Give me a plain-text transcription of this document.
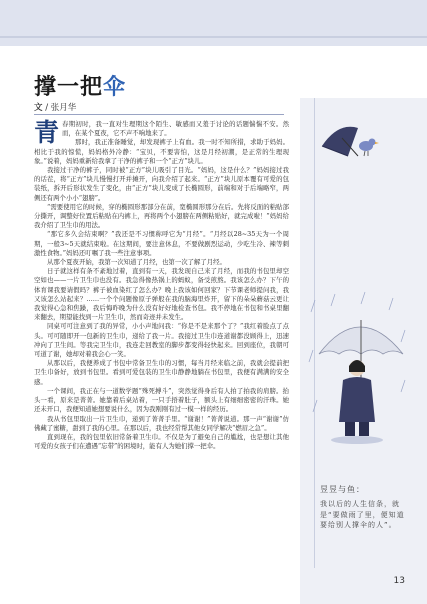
撑一把伞
文 / 张月华

青春期初时，我一直对生理期这个陌生、敏感而又羞于讨论的话题惴惴不安。然而，在某个夏夜，它不声不响地来了。

那时，我正准备睡觉，却发现裤子上有血。我一时不知所措，求助于妈妈。相比于我的惊慌，妈妈格外冷静：“宝贝，不要害怕，这是月经初潮，是正常的生理现象。”说着，妈妈重新给我拿了干净的裤子和一个“正方”块儿。

我接过干净的裤子，同时被“正方”块儿吸引了目光。“妈妈，这是什么？”妈妈接过我的话茬，将“正方”块儿慢慢打开并摊开，向我介绍了起来。“正方”块儿原本覆有可爱的包装纸，拆开后形状发生了变化，由“正方”块儿变成了长椭圆形，前端和对于后端略窄，两侧还有两个小小“翅膀”。

“需要使用它的时候，穿的椭圆形那部分在前，宽椭圆形那分在后。先将反面的粘贴部分撕开，调整好位置后粘贴在内裤上，再将两个小翅膀在两侧粘贴好，就完成啦！”妈妈给我介绍了卫生巾的用法。

“那它多久会结束啊？”我还是不习惯称呼它为“月经”。“月经以28~35天为一个周期，一般3~5天就结束啦。在这期间，要注意休息，不要做剧烈运动，少吃生冷、辣等刺激性食物。”妈妈还叮嘱了我一些注意事项。

从那个夏夜开始，我第一次知道了月经，也第一次了解了月经。

日子就这样有条不紊地过着，直到有一天，我发现自己来了月经，而我的书包里却空空如也——一片卫生巾也没有。我急得像热锅上的蚂蚁，备受煎熬。我该怎么办？下午的体育课我要请假吗？裤子被血染红了怎么办？晚上我该如何回家？下节课老师提问我，我又该怎么站起来？……一个个问题像原子弹般在我的脑海里炸开，留下的朵朵蘑菇云更让我觉得心急和焦躁，我后悔昨晚为什么没有好好地检查书包。我不停地在书包和书桌里翻来翻去，期望能找到一片卫生巾，然而奇迹并未发生。

同桌可可注意到了我的异常，小小声地问我：“你是不是来那个了？”我红着脸点了点头。可可随即开一包新的卫生巾，递给了我一片。我接过卫生巾连道谢都没顾得上，迅速冲向了卫生间。等我完卫生巾，我连走回教室的脚步都变得轻快起来。回到座位，我朝可可道了谢，她却对着我会心一笑。

从那以后，我便养成了书包中常备卫生巾的习惯，每当月经来临之前，我就会提前把卫生巾备好，放到书包里。看到可爱包装的卫生巾静静地躺在书包里，我便有满满的安全感。

一个课间，我正在与一道数学题“殊死搏斗”，突然觉得身后有人拍了拍我的肩膀。抬头一看，原来是菁菁。她靠着后桌站着，一只手捂着肚子，额头上有细细密密的汗珠。她还未开口，我便知道她想要说什么，因为我刚刚有过一模一样的经历。

我从书包里取出一片卫生巾，递到了菁菁手里。“谢谢！”菁菁说道。那一声“谢谢”仿佛藏了蜜糖，甜到了我的心里。在那以后，我也经常帮其他女同学解决“燃眉之急”。

直到现在，我的包里依旧常备着卫生巾。不仅是为了避免自己的尴尬，也是想让其他可爱的女孩子们在遭遇“忘带”的困境时，能有人为她们撑一把伞。

昱昱与鱼：
我以后的人生信条，就是“要做雨了里，便知道要给别人撑伞的人”。
13
